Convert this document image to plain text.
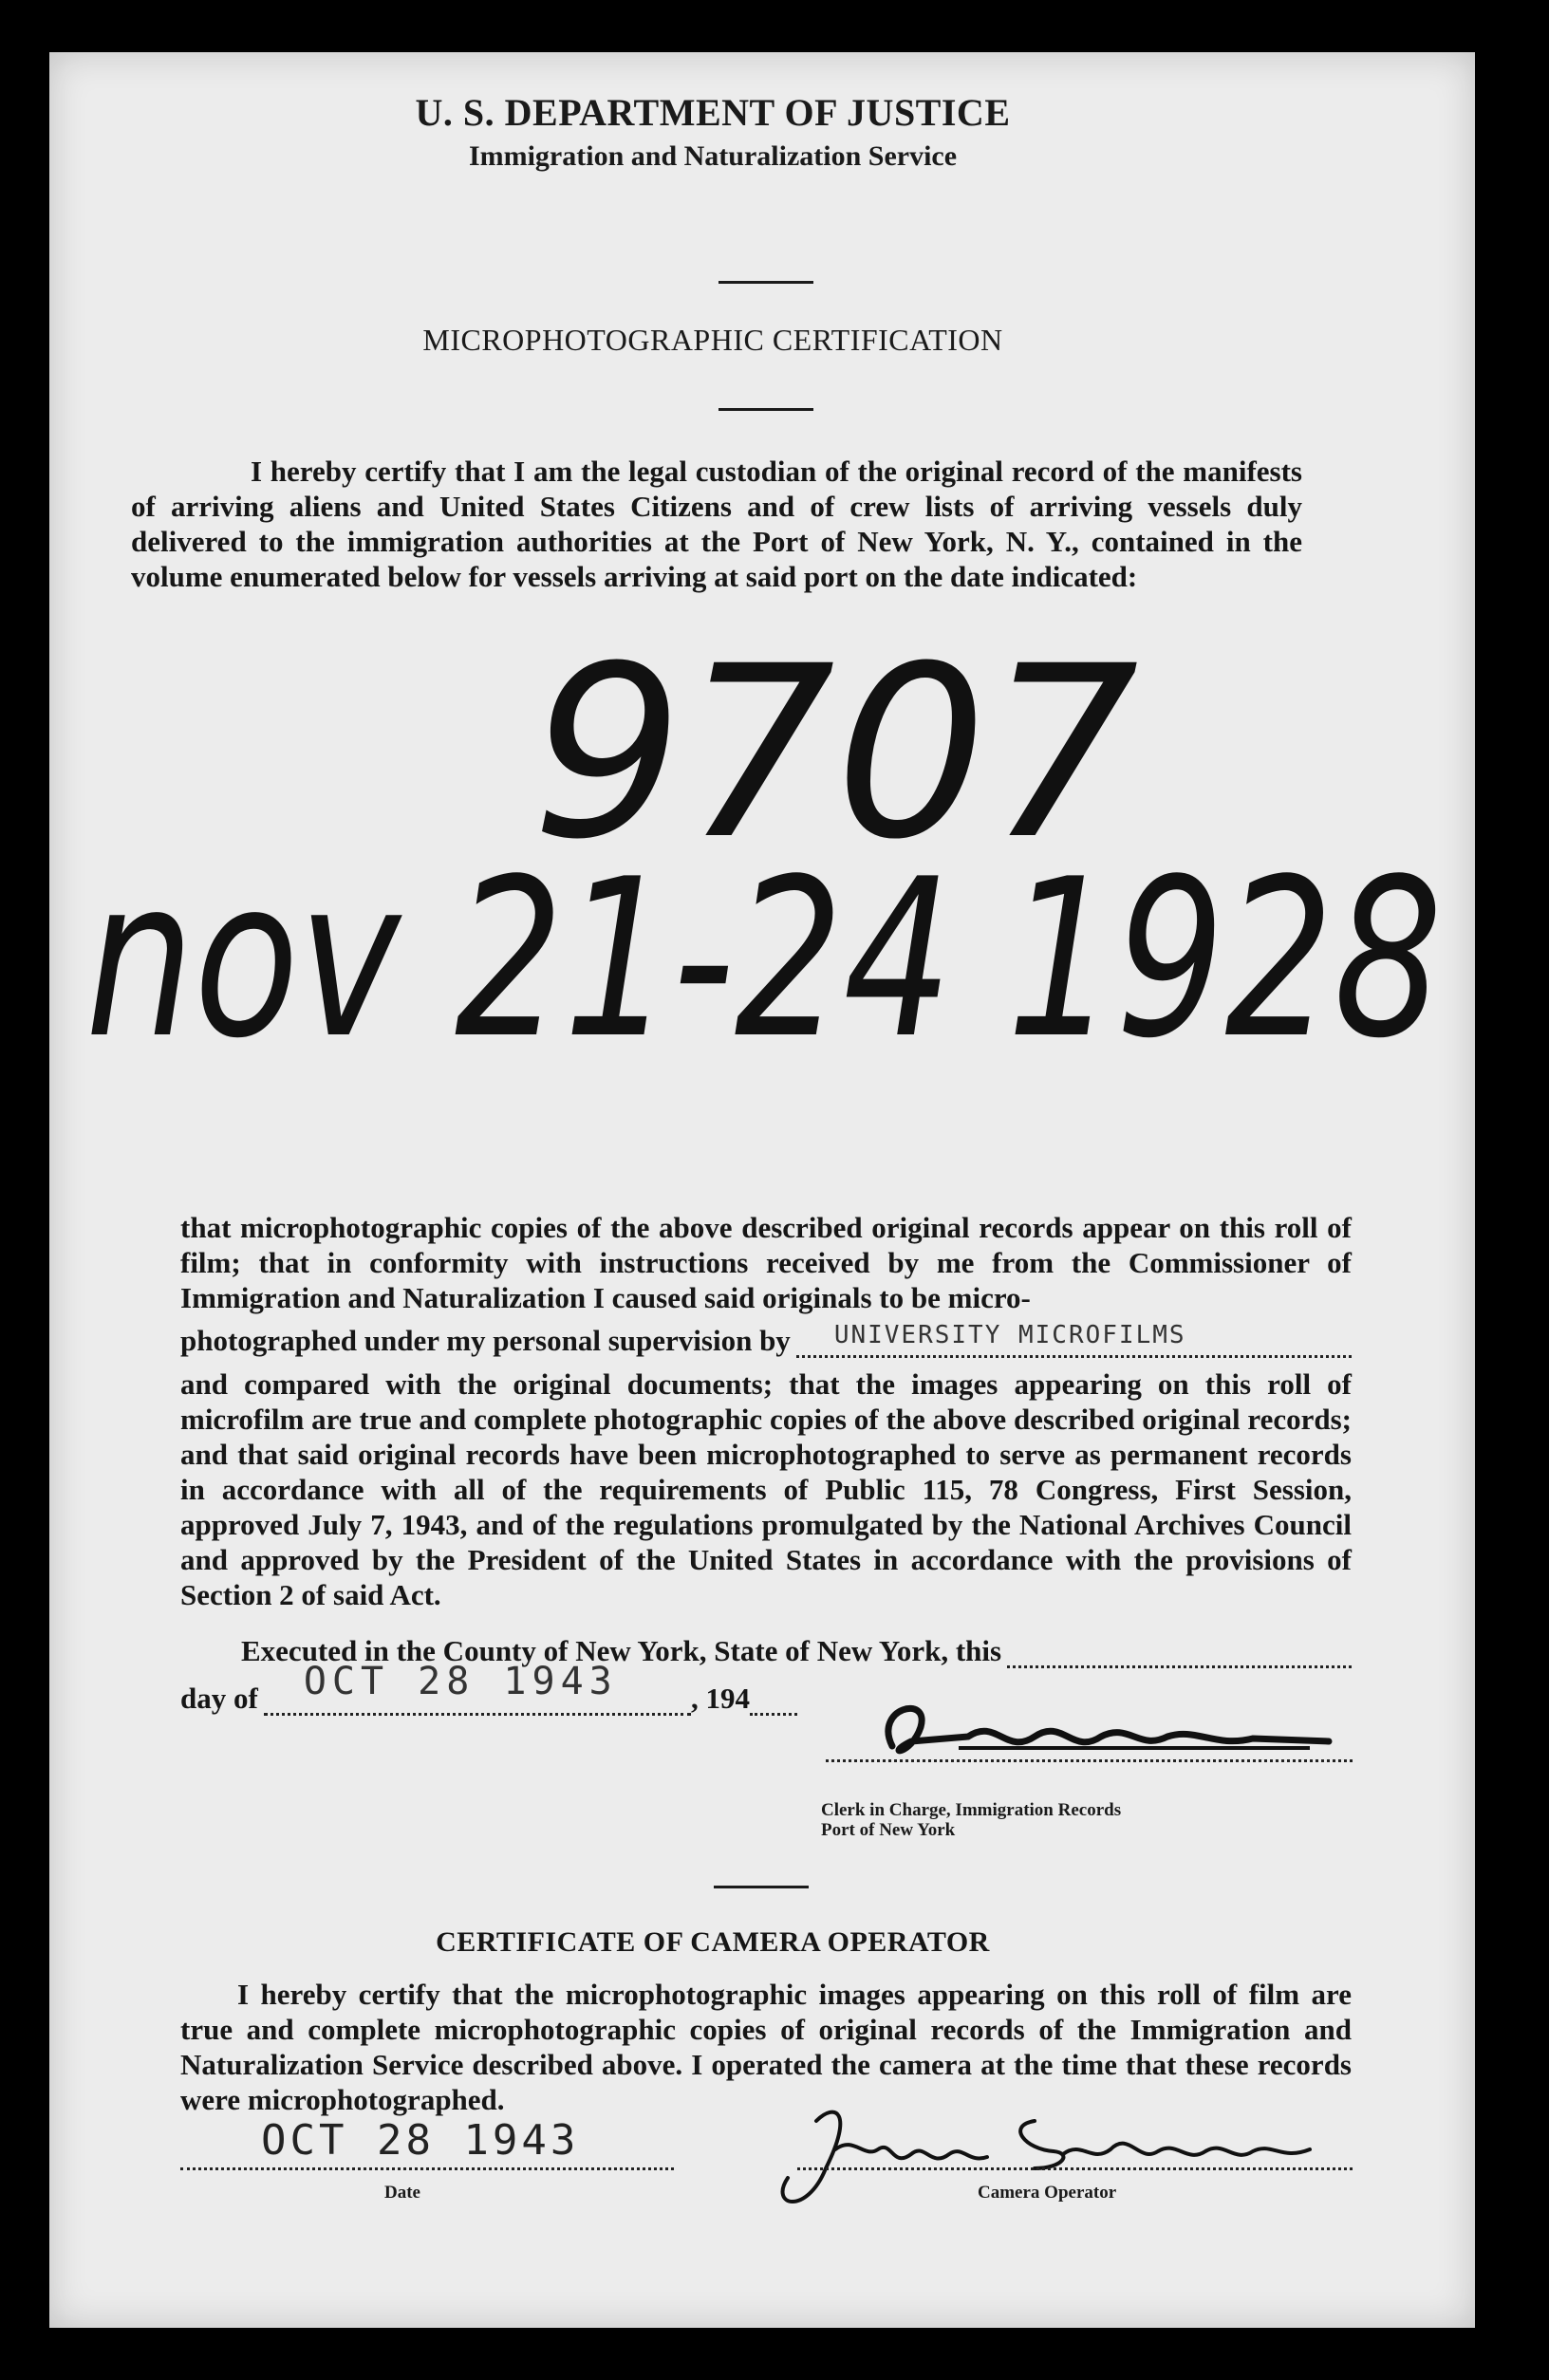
U. S. DEPARTMENT OF JUSTICE
Immigration and Naturalization Service
MICROPHOTOGRAPHIC CERTIFICATION
I hereby certify that I am the legal custodian of the original record of the manifests of arriving aliens and United States Citizens and of crew lists of arriving vessels duly delivered to the immigration authorities at the Port of New York, N. Y., contained in the volume enumerated below for vessels arriving at said port on the date indicated:
9707
nov 21-24 1928
that microphotographic copies of the above described original records appear on this roll of film; that in conformity with instructions received by me from the Commissioner of Immigration and Naturalization I caused said originals to be micro-
photographed under my personal supervision by UNIVERSITY MICROFILMS
and compared with the original documents; that the images appearing on this roll of microfilm are true and complete photographic copies of the above described original records; and that said original records have been microphotographed to serve as permanent records in accordance with all of the requirements of Public 115, 78 Congress, First Session, approved July 7, 1943, and of the regulations promulgated by the National Archives Council and approved by the President of the United States in accordance with the provisions of Section 2 of said Act.
Executed in the County of New York, State of New York, this
day of OCT 28 1943 , 194
Clerk in Charge, Immigration Records
Port of New York
CERTIFICATE OF CAMERA OPERATOR
I hereby certify that the microphotographic images appearing on this roll of film are true and complete microphotographic copies of original records of the Immigration and Naturalization Service described above. I operated the camera at the time that these records were microphotographed.
OCT 28 1943
Date	Camera Operator
